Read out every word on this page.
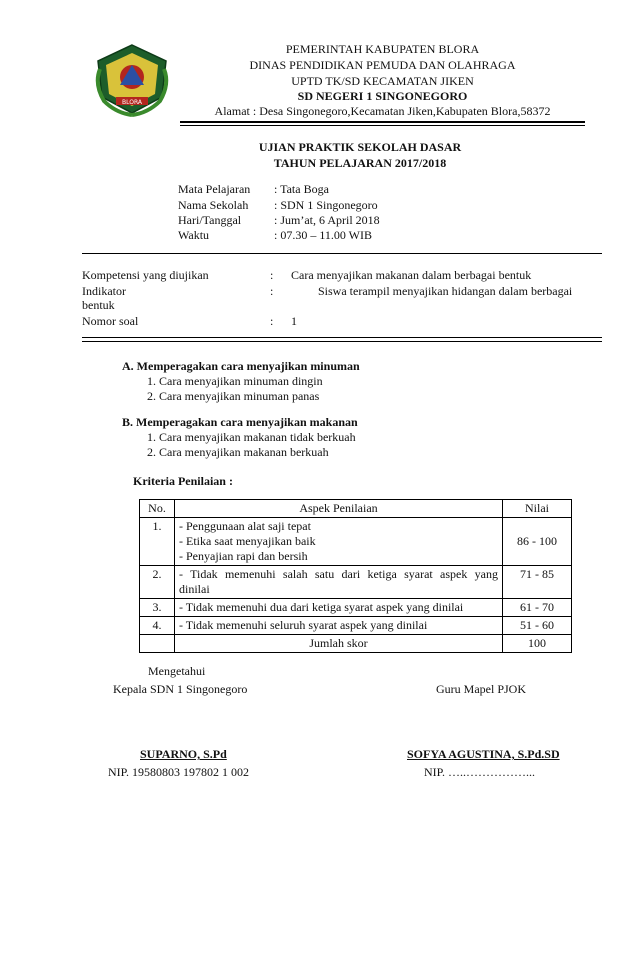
BLORA
PEMERINTAH KABUPATEN BLORA
DINAS PENDIDIKAN PEMUDA DAN OLAHRAGA
UPTD TK/SD KECAMATAN JIKEN
SD NEGERI 1 SINGONEGORO
Alamat : Desa Singonegoro,Kecamatan Jiken,Kabupaten Blora,58372
UJIAN PRAKTIK SEKOLAH DASAR
TAHUN PELAJARAN 2017/2018
Mata Pelajaran : Tata Boga
Nama Sekolah : SDN 1 Singonegoro
Hari/Tanggal	: Jum’at, 6 April 2018
Waktu	: 07.30 – 11.00 WIB
Kompetensi yang diujikan	: Cara menyajikan makanan dalam berbagai bentuk
Indikator	:	Siswa terampil menyajikan hidangan dalam berbagai
bentuk
Nomor soal	: 1
A. Memperagakan cara menyajikan minuman
1. Cara menyajikan minuman dingin
2. Cara menyajikan minuman panas
B. Memperagakan cara menyajikan makanan
1. Cara menyajikan makanan tidak berkuah
2. Cara menyajikan makanan berkuah
Kriteria Penilaian :
No.	Aspek Penilaian	Nilai
1.	- Penggunaan alat saji tepat
- Etika saat menyajikan baik
- Penyajian rapi dan bersih	86 - 100
2.	- Tidak memenuhi salah satu dari ketiga syarat aspek yang
dinilai	71 - 85
3.	- Tidak memenuhi dua dari ketiga syarat aspek yang dinilai	61 - 70
4.	- Tidak memenuhi seluruh syarat aspek yang dinilai	51 - 60
	Jumlah skor	100
Mengetahui
Kepala SDN 1 Singonegoro	Guru Mapel PJOK
SUPARNO, S.Pd	SOFYA AGUSTINA, S.Pd.SD
NIP. 19580803 197802 1 002	NIP. …..……………...
